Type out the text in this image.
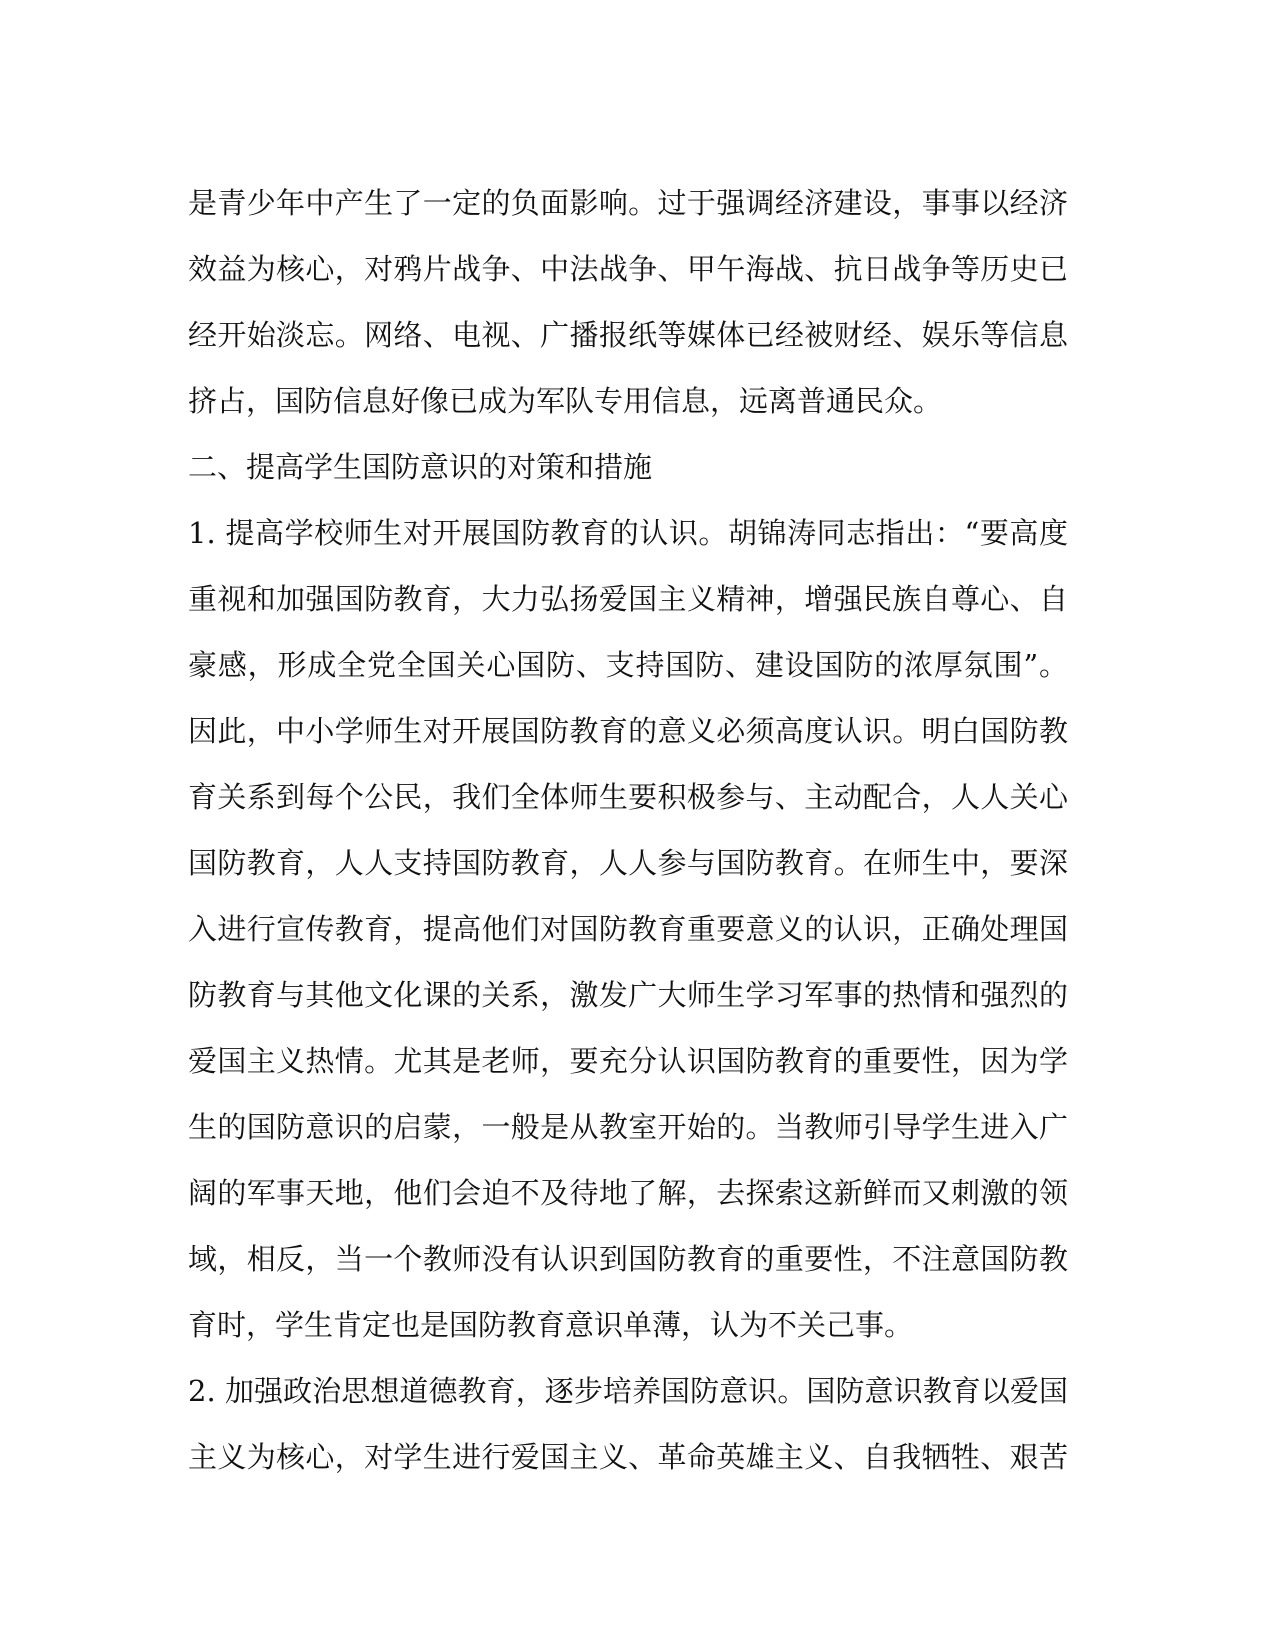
是青少年中产生了一定的负面影响。过于强调经济建设，事事以经济
效益为核心，对鸦片战争、中法战争、甲午海战、抗日战争等历史已
经开始淡忘。网络、电视、广播报纸等媒体已经被财经、娱乐等信息
挤占，国防信息好像已成为军队专用信息，远离普通民众。
二、提高学生国防意识的对策和措施
1. 提高学校师生对开展国防教育的认识。胡锦涛同志指出：“要高度
重视和加强国防教育，大力弘扬爱国主义精神，增强民族自尊心、自
豪感，形成全党全国关心国防、支持国防、建设国防的浓厚氛围”。
因此，中小学师生对开展国防教育的意义必须高度认识。明白国防教
育关系到每个公民，我们全体师生要积极参与、主动配合，人人关心
国防教育，人人支持国防教育，人人参与国防教育。在师生中，要深
入进行宣传教育，提高他们对国防教育重要意义的认识，正确处理国
防教育与其他文化课的关系，激发广大师生学习军事的热情和强烈的
爱国主义热情。尤其是老师，要充分认识国防教育的重要性，因为学
生的国防意识的启蒙，一般是从教室开始的。当教师引导学生进入广
阔的军事天地，他们会迫不及待地了解，去探索这新鲜而又刺激的领
域，相反，当一个教师没有认识到国防教育的重要性，不注意国防教
育时，学生肯定也是国防教育意识单薄，认为不关己事。
2. 加强政治思想道德教育，逐步培养国防意识。国防意识教育以爱国
主义为核心，对学生进行爱国主义、革命英雄主义、自我牺牲、艰苦
